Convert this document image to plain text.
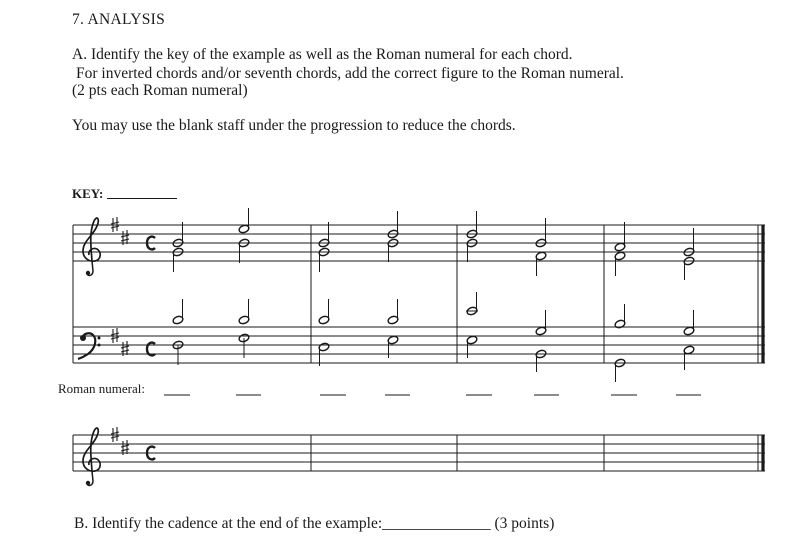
7. ANALYSIS
A. Identify the key of the example as well as the Roman numeral for each chord.
For inverted chords and/or seventh chords, add the correct figure to the Roman numeral.
(2 pts each Roman numeral)
You may use the blank staff under the progression to reduce the chords.
KEY:
Roman numeral:
B. Identify the cadence at the end of the example:______________ (3 points)
